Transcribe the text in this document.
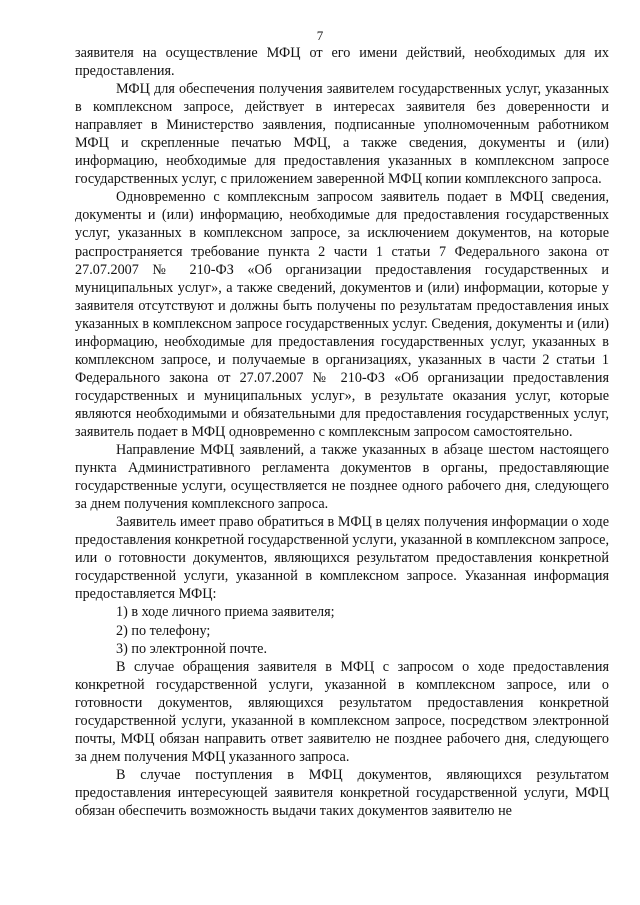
7

заявителя на осуществление МФЦ от его имени действий, необходимых для их предоставления.

МФЦ для обеспечения получения заявителем государственных услуг, указанных в комплексном запросе, действует в интересах заявителя без доверенности и направляет в Министерство заявления, подписанные уполномоченным работником МФЦ и скрепленные печатью МФЦ, а также сведения, документы и (или) информацию, необходимые для предоставления указанных в комплексном запросе государственных услуг, с приложением заверенной МФЦ копии комплексного запроса.

Одновременно с комплексным запросом заявитель подает в МФЦ сведения, документы и (или) информацию, необходимые для предоставления государственных услуг, указанных в комплексном запросе, за исключением документов, на которые распространяется требование пункта 2 части 1 статьи 7 Федерального закона от 27.07.2007 № 210-ФЗ «Об организации предоставления государственных и муниципальных услуг», а также сведений, документов и (или) информации, которые у заявителя отсутствуют и должны быть получены по результатам предоставления иных указанных в комплексном запросе государственных услуг. Сведения, документы и (или) информацию, необходимые для предоставления государственных услуг, указанных в комплексном запросе, и получаемые в организациях, указанных в части 2 статьи 1 Федерального закона от 27.07.2007 № 210-ФЗ «Об организации предоставления государственных и муниципальных услуг», в результате оказания услуг, которые являются необходимыми и обязательными для предоставления государственных услуг, заявитель подает в МФЦ одновременно с комплексным запросом самостоятельно.

Направление МФЦ заявлений, а также указанных в абзаце шестом настоящего пункта Административного регламента документов в органы, предоставляющие государственные услуги, осуществляется не позднее одного рабочего дня, следующего за днем получения комплексного запроса.

Заявитель имеет право обратиться в МФЦ в целях получения информации о ходе предоставления конкретной государственной услуги, указанной в комплексном запросе, или о готовности документов, являющихся результатом предоставления конкретной государственной услуги, указанной в комплексном запросе. Указанная информация предоставляется МФЦ:

1) в ходе личного приема заявителя;

2) по телефону;

3) по электронной почте.

В случае обращения заявителя в МФЦ с запросом о ходе предоставления конкретной государственной услуги, указанной в комплексном запросе, или о готовности документов, являющихся результатом предоставления конкретной государственной услуги, указанной в комплексном запросе, посредством электронной почты, МФЦ обязан направить ответ заявителю не позднее рабочего дня, следующего за днем получения МФЦ указанного запроса.

В случае поступления в МФЦ документов, являющихся результатом предоставления интересующей заявителя конкретной государственной услуги, МФЦ обязан обеспечить возможность выдачи таких документов заявителю не
